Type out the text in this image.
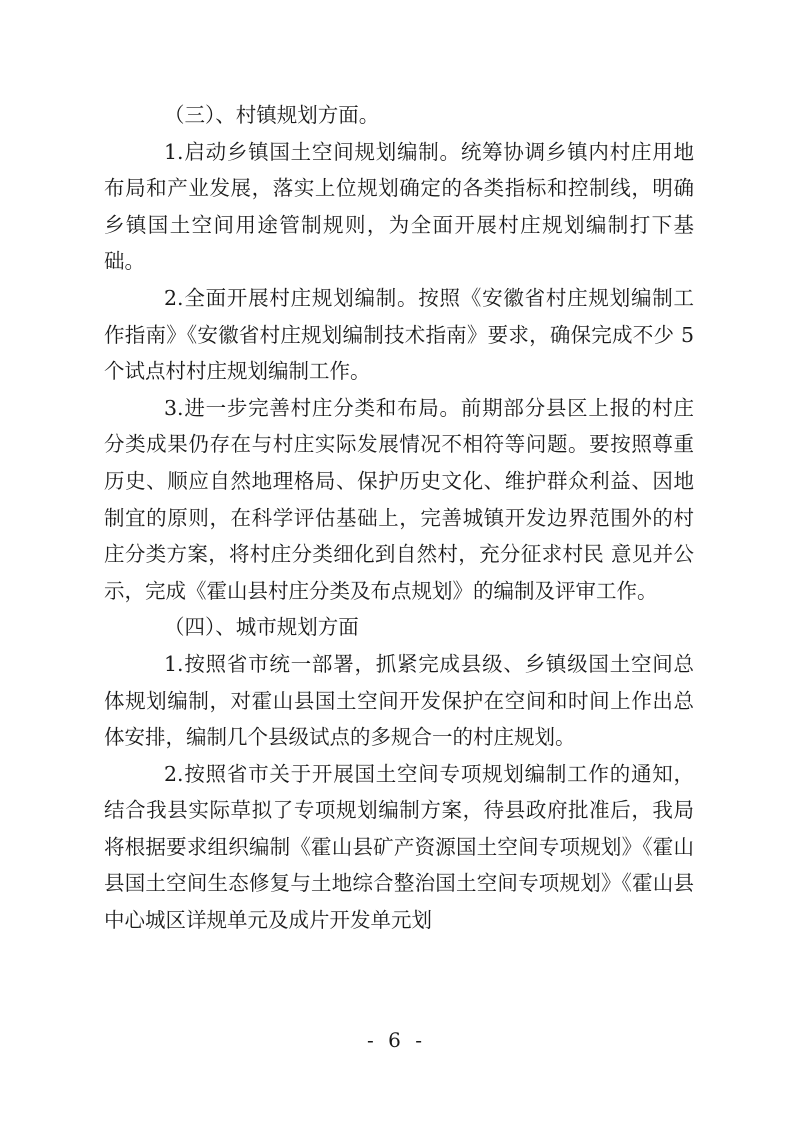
（三）、村镇规划方面。

1.启动乡镇国土空间规划编制。统筹协调乡镇内村庄用地布局和产业发展，落实上位规划确定的各类指标和控制线，明确乡镇国土空间用途管制规则，为全面开展村庄规划编制打下基础。

2.全面开展村庄规划编制。按照《安徽省村庄规划编制工作指南》《安徽省村庄规划编制技术指南》要求，确保完成不少 5 个试点村村庄规划编制工作。

3.进一步完善村庄分类和布局。前期部分县区上报的村庄分类成果仍存在与村庄实际发展情况不相符等问题。要按照尊重历史、顺应自然地理格局、保护历史文化、维护群众利益、因地制宜的原则，在科学评估基础上，完善城镇开发边界范围外的村庄分类方案，将村庄分类细化到自然村，充分征求村民 意见并公示，完成《霍山县村庄分类及布点规划》的编制及评审工作。

（四）、城市规划方面

1.按照省市统一部署，抓紧完成县级、乡镇级国土空间总体规划编制，对霍山县国土空间开发保护在空间和时间上作出总体安排，编制几个县级试点的多规合一的村庄规划。

2.按照省市关于开展国土空间专项规划编制工作的通知，结合我县实际草拟了专项规划编制方案，待县政府批准后，我局将根据要求组织编制《霍山县矿产资源国土空间专项规划》《霍山县国土空间生态修复与土地综合整治国土空间专项规划》《霍山县中心城区详规单元及成片开发单元划

- 6 -
